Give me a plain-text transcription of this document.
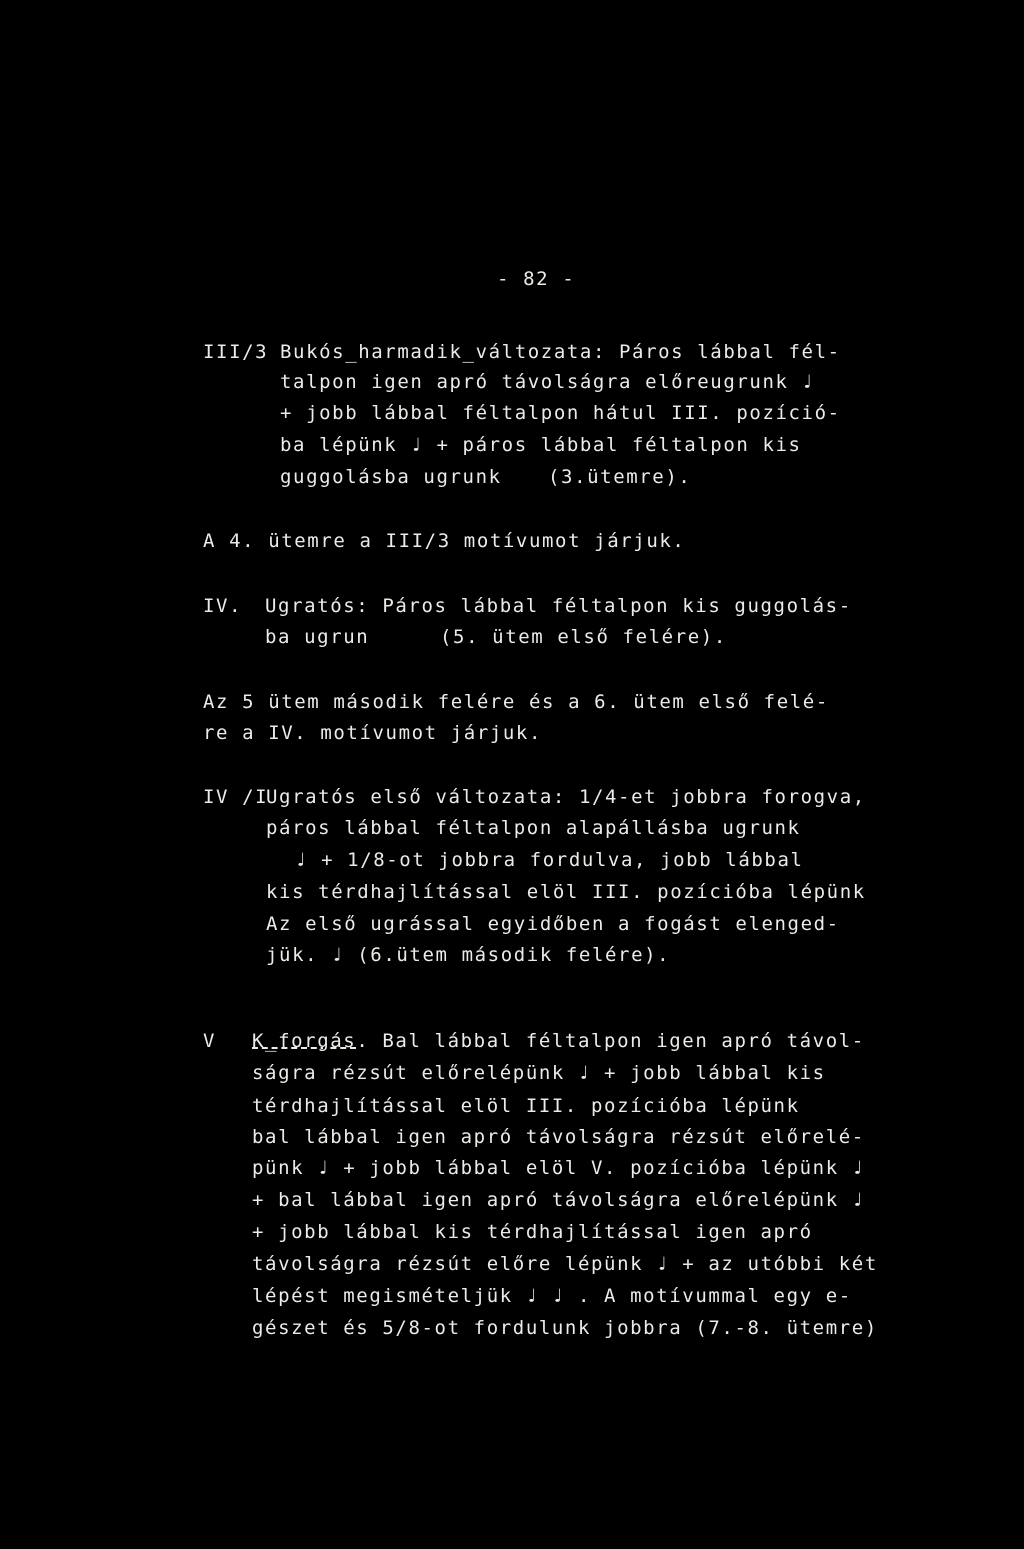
- 82 -
III/3 Bukós_harmadik_változata: Páros lábbal fél-
talpon igen apró távolságra előreugrunk ♩
+ jobb lábbal féltalpon hátul III. pozíció-
ba lépünk ♩ + páros lábbal féltalpon kis
guggolásba ugrunk (3.ütemre).
A 4. ütemre a III/3 motívumot járjuk.
IV. Ugratós: Páros lábbal féltalpon kis guggolás-
ba ugrun	(5. ütem első felére).
Az 5 ütem második felére és a 6. ütem első felé-
re a IV. motívumot járjuk.
IV /I
Ugratós első változata: 1/4-et jobbra forogva,
páros lábbal féltalpon alapállásba ugrunk
♩ + 1/8-ot jobbra fordulva, jobb lábbal
kis térdhajlítással elöl III. pozícióba lépünk
Az első ugrással egyidőben a fogást elenged-
jük. ♩ (6.ütem második felére).
V K_forgás. Bal lábbal féltalpon igen apró távol-
ságra rézsút előrelépünk ♩ + jobb lábbal kis
térdhajlítással elöl III. pozícióba lépünk
bal lábbal igen apró távolságra rézsút előrelé-
pünk ♩ + jobb lábbal elöl V. pozícióba lépünk ♩
+ bal lábbal igen apró távolságra előrelépünk ♩
+ jobb lábbal kis térdhajlítással igen apró
távolságra rézsút előre lépünk ♩ + az utóbbi két
lépést megismételjük ♩ ♩ . A motívummal egy e-
gészet és 5/8-ot fordulunk jobbra (7.-8. ütemre)
